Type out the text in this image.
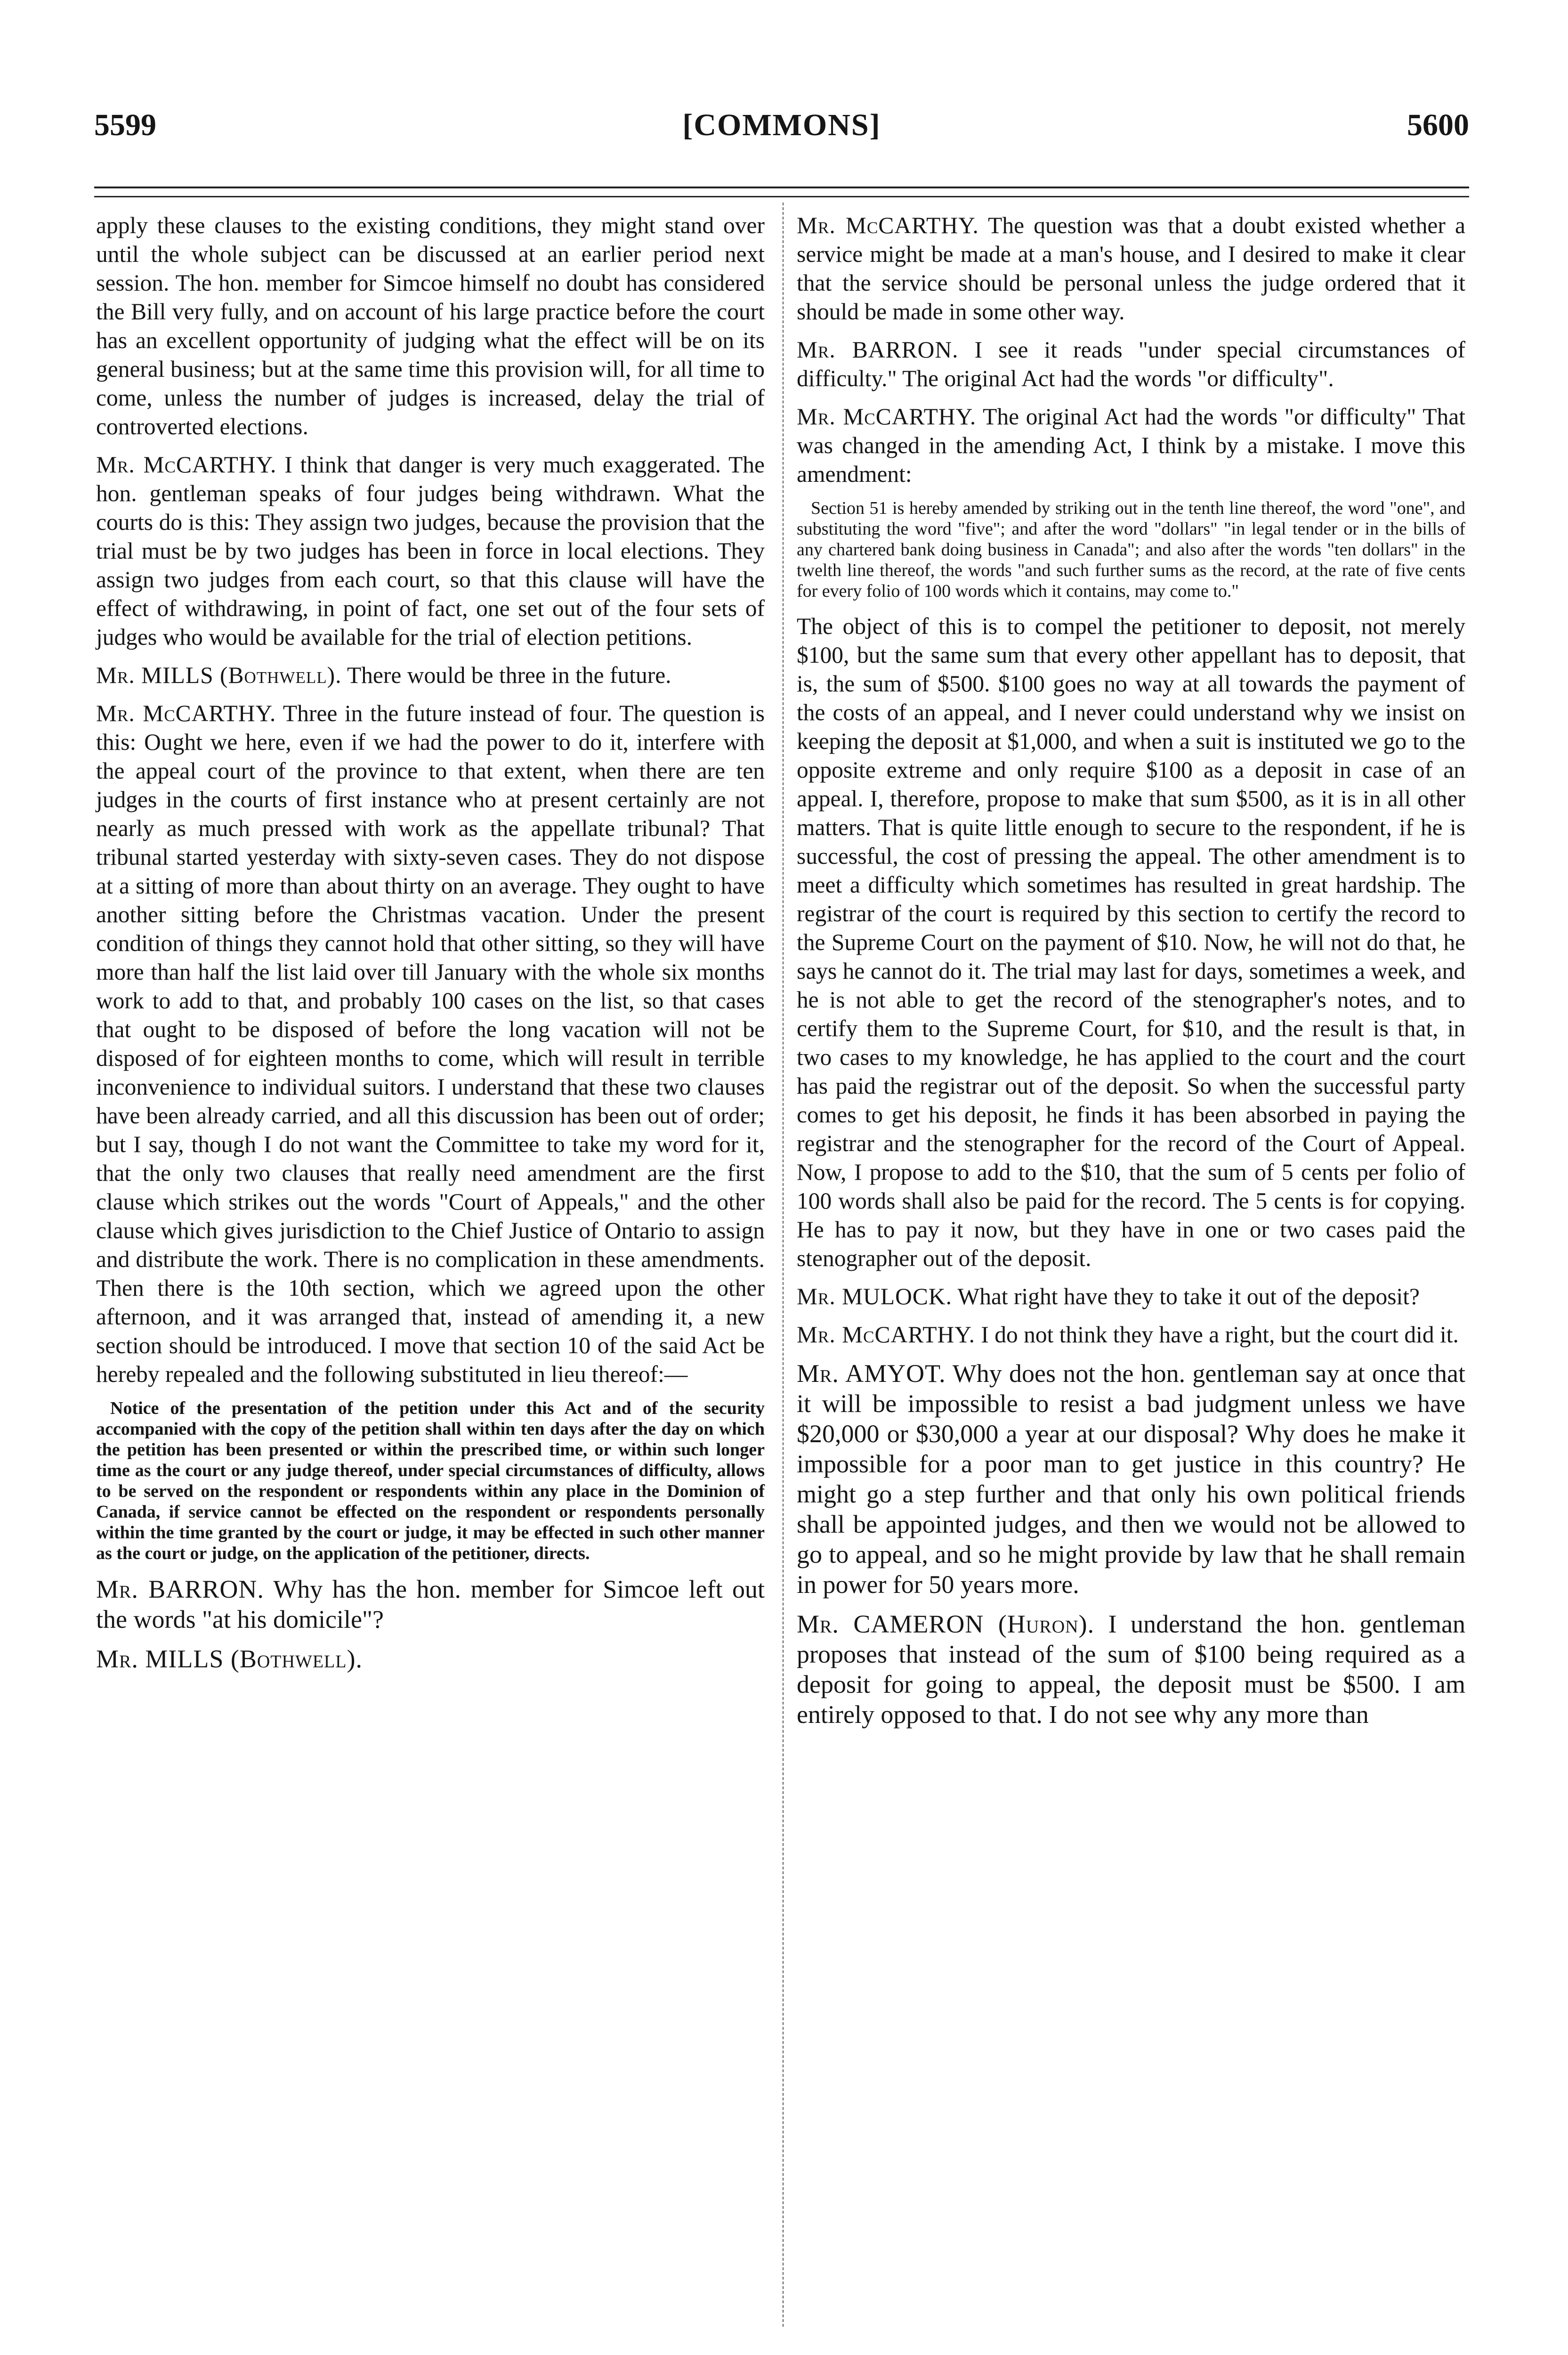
5599	[COMMONS]	5600

apply these clauses to the existing conditions, they might stand over until the whole subject can be discussed at an earlier period next session. The hon. member for Simcoe himself no doubt has considered the Bill very fully, and on account of his large practice before the court has an excellent opportunity of judging what the effect will be on its general business; but at the same time this provision will, for all time to come, unless the number of judges is increased, delay the trial of controverted elections.

Mr. McCARTHY. I think that danger is very much exaggerated. The hon. gentleman speaks of four judges being withdrawn. What the courts do is this: They assign two judges, because the provision that the trial must be by two judges has been in force in local elections. They assign two judges from each court, so that this clause will have the effect of withdrawing, in point of fact, one set out of the four sets of judges who would be available for the trial of election petitions.

Mr. MILLS (Bothwell). There would be three in the future.

Mr. McCARTHY. Three in the future instead of four. The question is this: Ought we here, even if we had the power to do it, interfere with the appeal court of the province to that extent, when there are ten judges in the courts of first instance who at present certainly are not nearly as much pressed with work as the appellate tribunal? That tribunal started yesterday with sixty-seven cases. They do not dispose at a sitting of more than about thirty on an average. They ought to have another sitting before the Christmas vacation. Under the present condition of things they cannot hold that other sitting, so they will have more than half the list laid over till January with the whole six months work to add to that, and probably 100 cases on the list, so that cases that ought to be disposed of before the long vacation will not be disposed of for eighteen months to come, which will result in terrible inconvenience to individual suitors. I understand that these two clauses have been already carried, and all this discussion has been out of order; but I say, though I do not want the Committee to take my word for it, that the only two clauses that really need amendment are the first clause which strikes out the words "Court of Appeals," and the other clause which gives jurisdiction to the Chief Justice of Ontario to assign and distribute the work. There is no complication in these amendments. Then there is the 10th section, which we agreed upon the other afternoon, and it was arranged that, instead of amending it, a new section should be introduced. I move that section 10 of the said Act be hereby repealed and the following substituted in lieu thereof:—

Notice of the presentation of the petition under this Act and of the security accompanied with the copy of the petition shall within ten days after the day on which the petition has been presented or within the prescribed time, or within such longer time as the court or any judge thereof, under special circumstances of difficulty, allows to be served on the respondent or respondents within any place in the Dominion of Canada, if service cannot be effected on the respondent or respondents personally within the time granted by the court or judge, it may be effected in such other manner as the court or judge, on the application of the petitioner, directs.

Mr. BARRON. Why has the hon. member for Simcoe left out the words "at his domicile"?

Mr. MILLS (Bothwell).

Mr. McCARTHY. The question was that a doubt existed whether a service might be made at a man's house, and I desired to make it clear that the service should be personal unless the judge ordered that it should be made in some other way.

Mr. BARRON. I see it reads "under special circumstances of difficulty." The original Act had the words "or difficulty".

Mr. McCARTHY. The original Act had the words "or difficulty" That was changed in the amending Act, I think by a mistake. I move this amendment:

Section 51 is hereby amended by striking out in the tenth line thereof, the word "one", and substituting the word "five"; and after the word "dollars" "in legal tender or in the bills of any chartered bank doing business in Canada"; and also after the words "ten dollars" in the twelth line thereof, the words "and such further sums as the record, at the rate of five cents for every folio of 100 words which it contains, may come to."

The object of this is to compel the petitioner to deposit, not merely $100, but the same sum that every other appellant has to deposit, that is, the sum of $500. $100 goes no way at all towards the payment of the costs of an appeal, and I never could understand why we insist on keeping the deposit at $1,000, and when a suit is instituted we go to the opposite extreme and only require $100 as a deposit in case of an appeal. I, therefore, propose to make that sum $500, as it is in all other matters. That is quite little enough to secure to the respondent, if he is successful, the cost of pressing the appeal. The other amendment is to meet a difficulty which sometimes has resulted in great hardship. The registrar of the court is required by this section to certify the record to the Supreme Court on the payment of $10. Now, he will not do that, he says he cannot do it. The trial may last for days, sometimes a week, and he is not able to get the record of the stenographer's notes, and to certify them to the Supreme Court, for $10, and the result is that, in two cases to my knowledge, he has applied to the court and the court has paid the registrar out of the deposit. So when the successful party comes to get his deposit, he finds it has been absorbed in paying the registrar and the stenographer for the record of the Court of Appeal. Now, I propose to add to the $10, that the sum of 5 cents per folio of 100 words shall also be paid for the record. The 5 cents is for copying. He has to pay it now, but they have in one or two cases paid the stenographer out of the deposit.

Mr. MULOCK. What right have they to take it out of the deposit?

Mr. McCARTHY. I do not think they have a right, but the court did it.

Mr. AMYOT. Why does not the hon. gentleman say at once that it will be impossible to resist a bad judgment unless we have $20,000 or $30,000 a year at our disposal? Why does he make it impossible for a poor man to get justice in this country? He might go a step further and that only his own political friends shall be appointed judges, and then we would not be allowed to go to appeal, and so he might provide by law that he shall remain in power for 50 years more.

Mr. CAMERON (Huron). I understand the hon. gentleman proposes that instead of the sum of $100 being required as a deposit for going to appeal, the deposit must be $500. I am entirely opposed to that. I do not see why any more than
